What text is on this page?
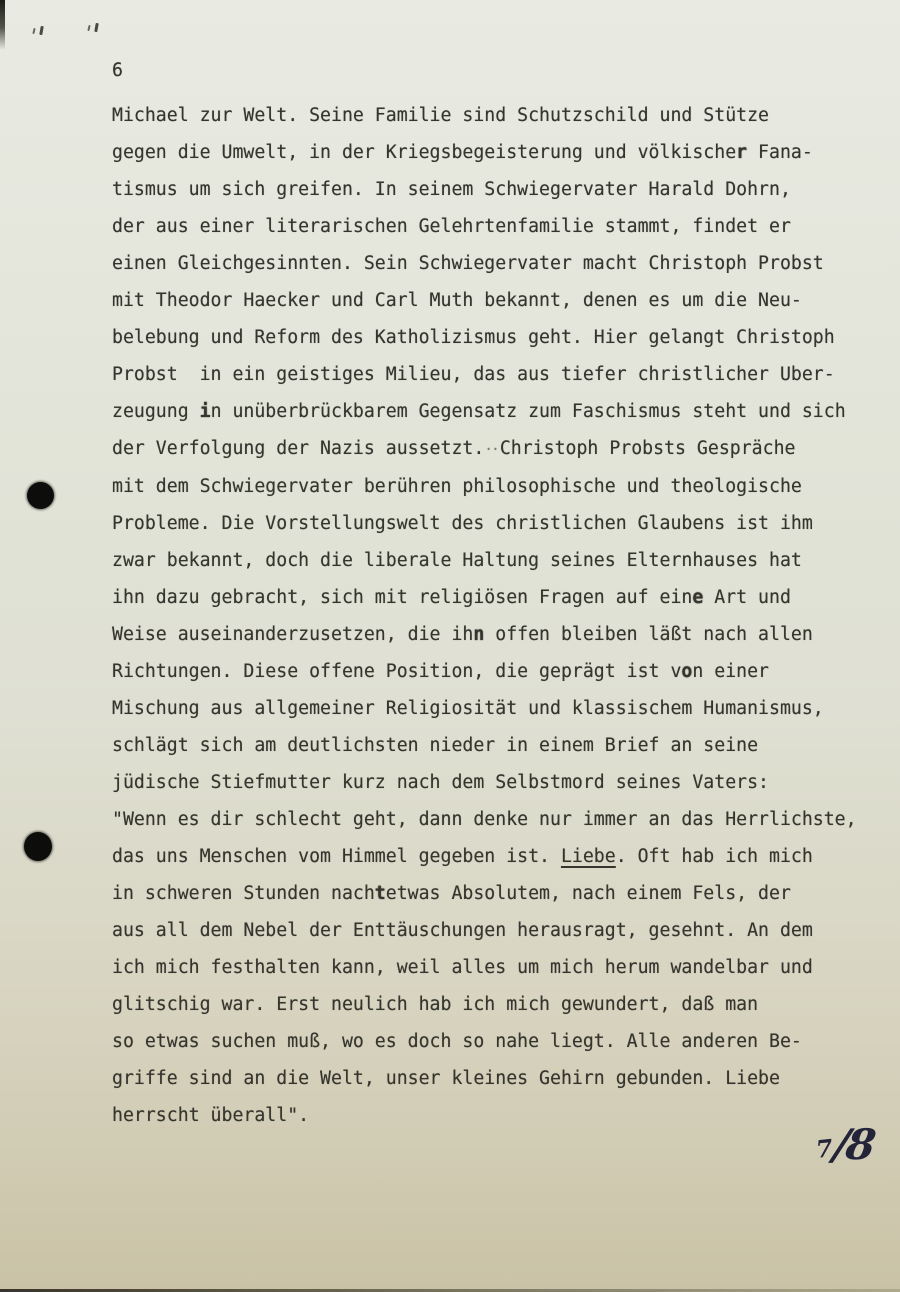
6
Michael zur Welt. Seine Familie sind Schutzschild und Stütze
gegen die Umwelt, in der Kriegsbegeisterung und völkischer Fana-
tismus um sich greifen. In seinem Schwiegervater Harald Dohrn,
der aus einer literarischen Gelehrtenfamilie stammt, findet er
einen Gleichgesinnten. Sein Schwiegervater macht Christoph Probst
mit Theodor Haecker und Carl Muth bekannt, denen es um die Neu-
belebung und Reform des Katholizismus geht. Hier gelangt Christoph
Probst  in ein geistiges Milieu, das aus tiefer christlicher Uber-
zeugung in unüberbrückbarem Gegensatz zum Faschismus steht und sich
der Verfolgung der Nazis aussetzt.·· Christoph Probsts Gespräche
mit dem Schwiegervater berühren philosophische und theologische
Probleme. Die Vorstellungswelt des christlichen Glaubens ist ihm
zwar bekannt, doch die liberale Haltung seines Elternhauses hat
ihn dazu gebracht, sich mit religiösen Fragen auf eine Art und
Weise auseinanderzusetzen, die ihn offen bleiben läßt nach allen
Richtungen. Diese offene Position, die geprägt ist von einer
Mischung aus allgemeiner Religiosität und klassischem Humanismus,
schlägt sich am deutlichsten nieder in einem Brief an seine
jüdische Stiefmutter kurz nach dem Selbstmord seines Vaters:
"Wenn es dir schlecht geht, dann denke nur immer an das Herrlichste,
das uns Menschen vom Himmel gegeben ist. Liebe. Oft hab ich mich
in schweren Stunden nachtetwas Absolutem, nach einem Fels, der
aus all dem Nebel der Enttäuschungen herausragt, gesehnt. An dem
ich mich festhalten kann, weil alles um mich herum wandelbar und
glitschig war. Erst neulich hab ich mich gewundert, daß man
so etwas suchen muß, wo es doch so nahe liegt. Alle anderen Be-
griffe sind an die Welt, unser kleines Gehirn gebunden. Liebe
herrscht überall".
7
/8
